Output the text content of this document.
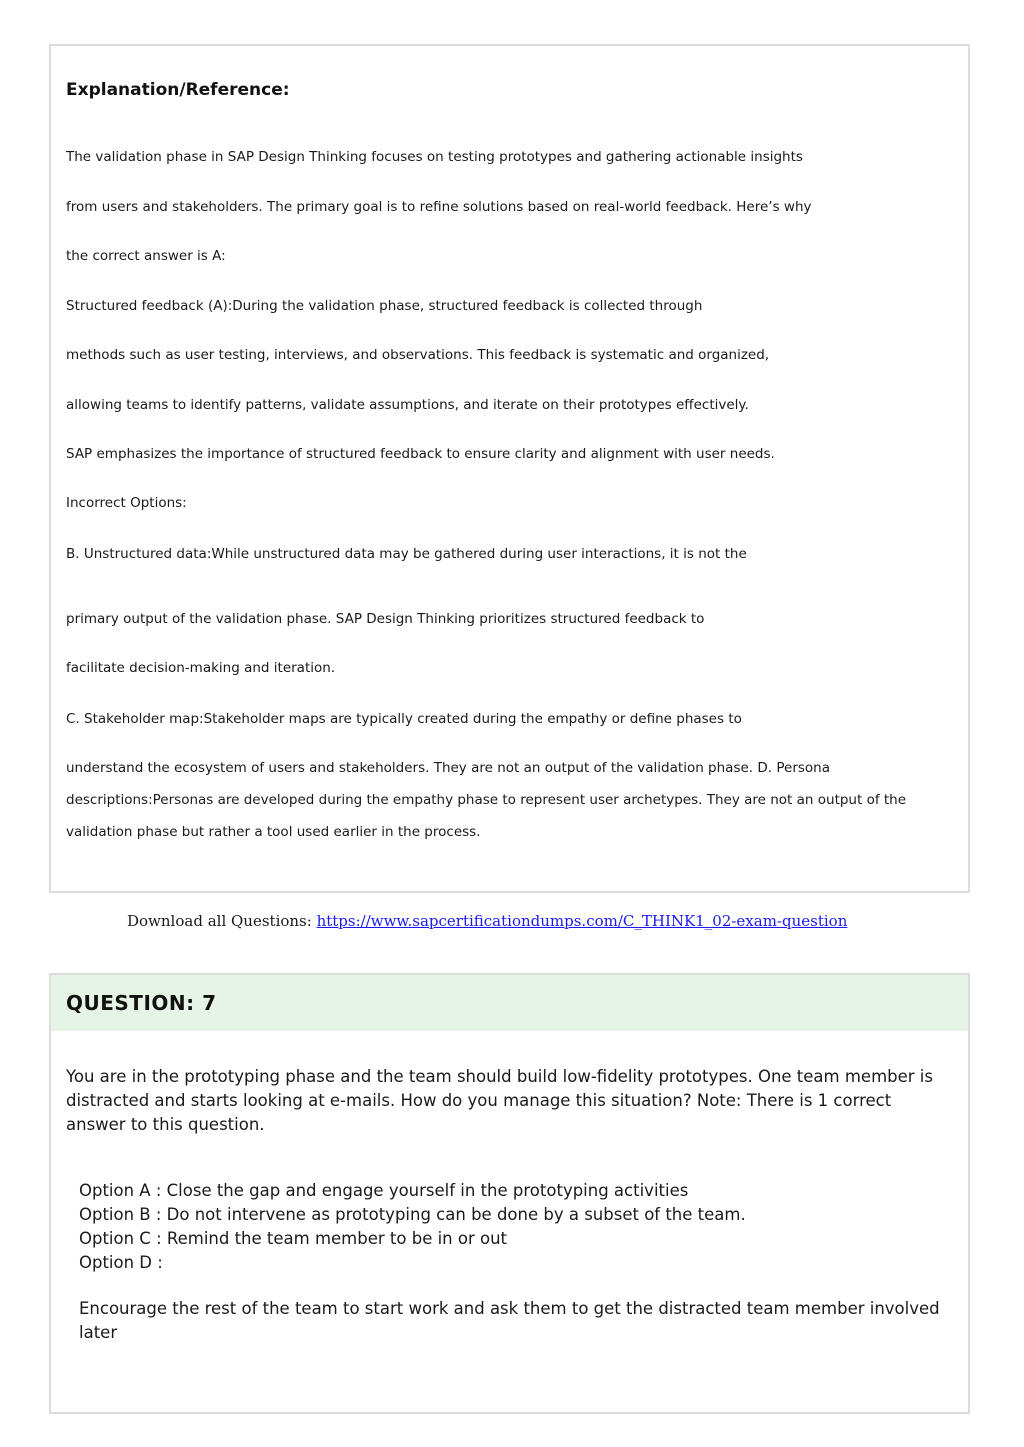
Explanation/Reference:
The validation phase in SAP Design Thinking focuses on testing prototypes and gathering actionable insights
from users and stakeholders. The primary goal is to refine solutions based on real-world feedback. Here’s why
the correct answer is A:
Structured feedback (A):During the validation phase, structured feedback is collected through
methods such as user testing, interviews, and observations. This feedback is systematic and organized,
allowing teams to identify patterns, validate assumptions, and iterate on their prototypes effectively.
SAP emphasizes the importance of structured feedback to ensure clarity and alignment with user needs.
Incorrect Options:
B. Unstructured data:While unstructured data may be gathered during user interactions, it is not the
primary output of the validation phase. SAP Design Thinking prioritizes structured feedback to
facilitate decision-making and iteration.
C. Stakeholder map:Stakeholder maps are typically created during the empathy or define phases to
understand the ecosystem of users and stakeholders. They are not an output of the validation phase. D. Persona
descriptions:Personas are developed during the empathy phase to represent user archetypes. They are not an output of the
validation phase but rather a tool used earlier in the process.
Download all Questions: https://www.sapcertificationdumps.com/C_THINK1_02-exam-question
QUESTION: 7
You are in the prototyping phase and the team should build low-fidelity prototypes. One team member is distracted and starts looking at e-mails. How do you manage this situation? Note: There is 1 correct answer to this question.
Option A : Close the gap and engage yourself in the prototyping activities
Option B : Do not intervene as prototyping can be done by a subset of the team.
Option C : Remind the team member to be in or out
Option D :
Encourage the rest of the team to start work and ask them to get the distracted team member involved later
